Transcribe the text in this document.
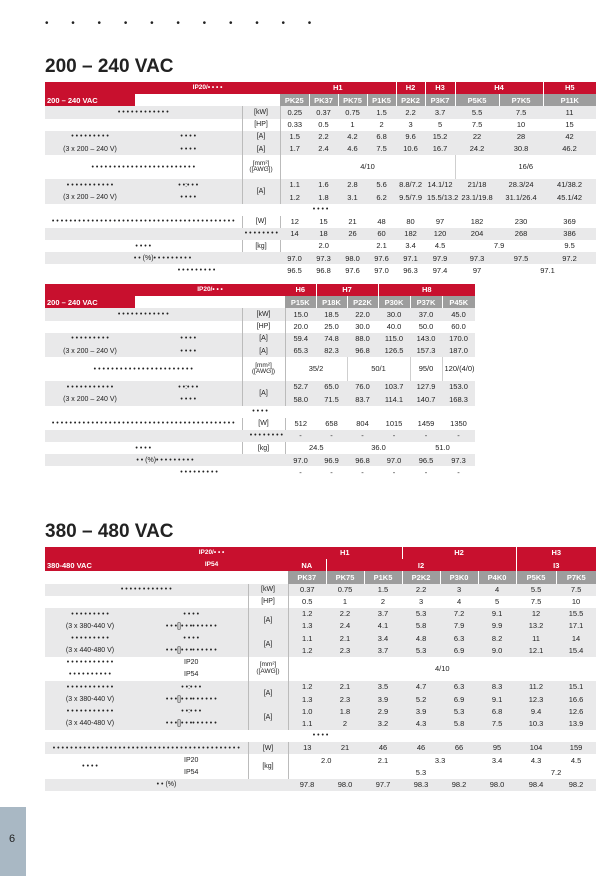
• • • • • • • • • • •
200 – 240 VAC
	IP20/• • • •		H1				H2	H3	H4		H5
200 – 240 VAC			PK25	PK37	PK75	P1K5	P2K2	P3K7	P5K5	P7K5	P11K
• • • • • • • • • • • •		[kW]	0.25	0.37	0.75	1.5	2.2	3.7	5.5	7.5	11
		[HP]	0.33	0.5	1	2	3	5	7.5	10	15
• • • • • • • • •	• • • •	[A]	1.5	2.2	4.2	6.8	9.6	15.2	22	28	42
(3 x 200 – 240 V)	• • • •	[A]	1.7	2.4	4.6	7.5	10.6	16.7	24.2	30.8	46.2
• • • • • • • • • • • • • • • • • • • • • • • •		[mm²] ([AWG])	4/10						16/6		
• • • • • • • • • • •	• •:• • •	[A]	1.1	1.6	2.8	5.6	8.8/7.2	14.1/12	21/18	28.3/24	41/38.2
(3 x 200 – 240 V)	• • • •		1.2	1.8	3.1	6.2	9.5/7.9	15.5/13.2	23.1/19.8	31.1/26.4	45.1/42
• • • •											
• • • • • • • • • • • • • • • • • • • • • • • • • • • • • • • • • • • • • • • • • •		[W]	12	15	21	48	80	97	182	230	369
• • • • • • • •			14	18	26	60	182	120	204	268	386
• • • •		[kg]	2.0			2.1	3.4	4.5	7.9		9.5
• • (%)• • • • • • • • •			97.0	97.3	98.0	97.6	97.1	97.9	97.3	97.5	97.2
• • • • • • • • •			96.5	96.8	97.6	97.0	96.3	97.4	97	97.1	
	IP20/• • •		H6	H7		H8		
200 – 240 VAC			P15K	P18K	P22K	P30K	P37K	P45K
• • • • • • • • • • • •		[kW]	15.0	18.5	22.0	30.0	37.0	45.0
		[HP]	20.0	25.0	30.0	40.0	50.0	60.0
• • • • • • • • •	• • • •	[A]	59.4	74.8	88.0	115.0	143.0	170.0
(3 x 200 – 240 V)	• • • •	[A]	65.3	82.3	96.8	126.5	157.3	187.0
• • • • • • • • • • • • • • • • • • • • • • •		[mm²] ([AWG])	35/2		50/1		95/0	120/(4/0)
• • • • • • • • • • •	• •:• • •	[A]	52.7	65.0	76.0	103.7	127.9	153.0
(3 x 200 – 240 V)	• • • •		58.0	71.5	83.7	114.1	140.7	168.3
• • • •								
• • • • • • • • • • • • • • • • • • • • • • • • • • • • • • • • • • • • • • • • • •		[W]	512	658	804	1015	1459	1350
• • • • • • • •			-	-	-	-	-	-
• • • •		[kg]	24.5		36.0		51.0	
• • (%)• • • • • • • • •			97.0	96.9	96.8	97.0	96.5	97.3
• • • • • • • • •			-	-	-	-	-	-
380 – 480 VAC
	IP20/• • •		H1			H2			H3	
380-480 VAC	IP54		NA	I2					I3	
			PK37	PK75	P1K5	P2K2	P3K0	P4K0	P5K5	P7K5
• • • • • • • • • • • •		[kW]	0.37	0.75	1.5	2.2	3	4	5.5	7.5
		[HP]	0.5	1	2	3	4	5	7.5	10
• • • • • • • • •	• • • •	[A]	1.2	2.2	3.7	5.3	7.2	9.1	12	15.5
(3 x 380-440 V)	• • •[]• • •• • • • • •		1.3	2.4	4.1	5.8	7.9	9.9	13.2	17.1
• • • • • • • • •	• • • •	[A]	1.1	2.1	3.4	4.8	6.3	8.2	11	14
(3 x 440-480 V)	• • •[]• • •• • • • • •		1.2	2.3	3.7	5.3	6.9	9.0	12.1	15.4
• • • • • • • • • • •	IP20	[mm²] ([AWG])	4/10							
• • • • • • • • • •	IP54									
• • • • • • • • • • •	• •:• • •	[A]	1.2	2.1	3.5	4.7	6.3	8.3	11.2	15.1
(3 x 380-440 V)	• • •[]• • •• • • • • •		1.3	2.3	3.9	5.2	6.9	9.1	12.3	16.6
• • • • • • • • • • •	• •:• • •	[A]	1.0	1.8	2.9	3.9	5.3	6.8	9.4	12.6
(3 x 440-480 V)	• • •[]• • •• • • • • •		1.1	2	3.2	4.3	5.8	7.5	10.3	13.9
• • • •										
• • • • • • • • • • • • • • • • • • • • • • • • • • • • • • • • • • • • • • • • • • •		[W]	13	21	46	46	66	95	104	159
• • • •	IP20	[kg]	2.0		2.1	3.3		3.4	4.3	4.5
	IP54			5.3					7.2	
• • (%)			97.8	98.0	97.7	98.3	98.2	98.0	98.4	98.2
6
